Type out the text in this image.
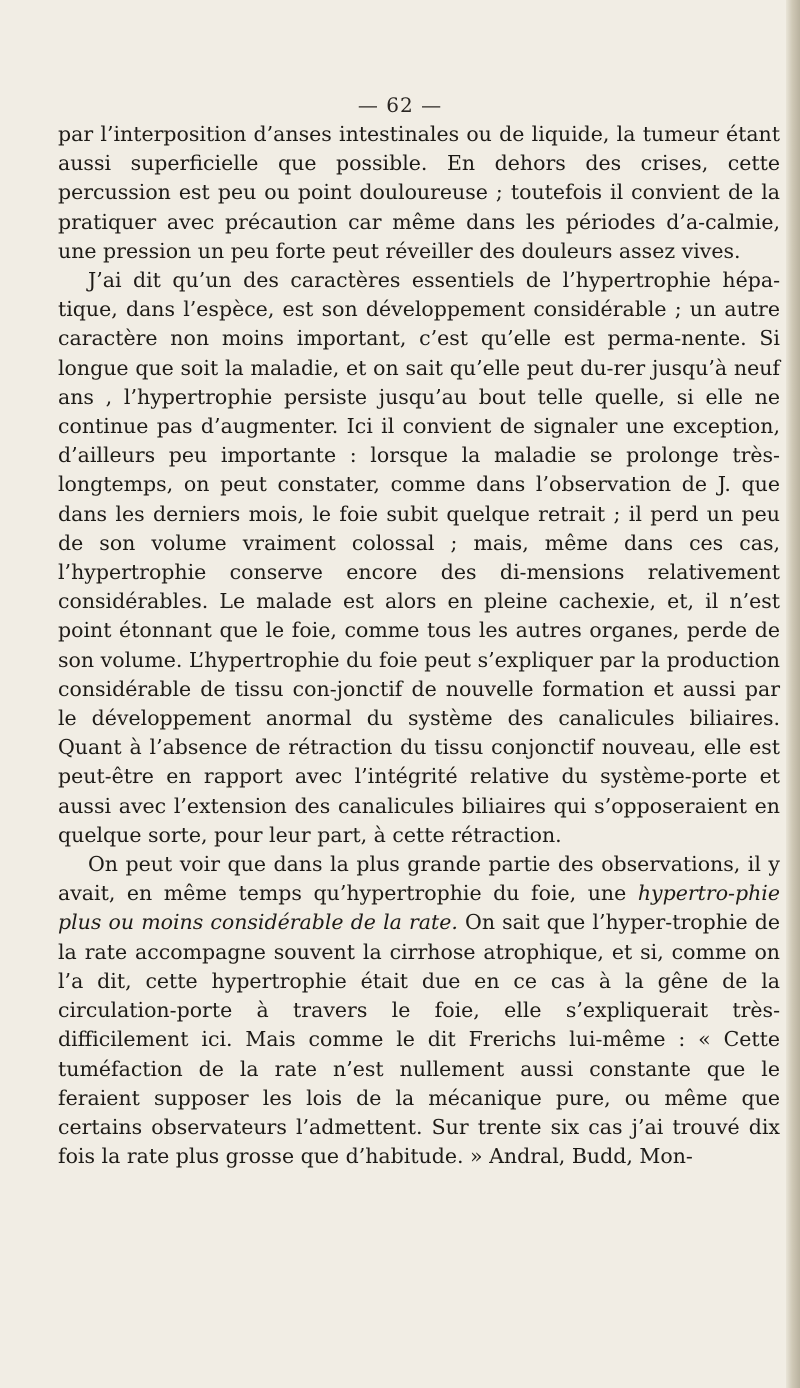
— 62 —

par l’interposition d’anses intestinales ou de liquide, la tumeur étant aussi superficielle que possible. En dehors des crises, cette percussion est peu ou point douloureuse ; toutefois il convient de la pratiquer avec précaution car même dans les périodes d’a-calmie, une pression un peu forte peut réveiller des douleurs assez vives.

J’ai dit qu’un des caractères essentiels de l’hypertrophie hépa-tique, dans l’espèce, est son développement considérable ; un autre caractère non moins important, c’est qu’elle est perma-nente. Si longue que soit la maladie, et on sait qu’elle peut du-rer jusqu’à neuf ans , l’hypertrophie persiste jusqu’au bout telle quelle, si elle ne continue pas d’augmenter. Ici il convient de signaler une exception, d’ailleurs peu importante : lorsque la maladie se prolonge très-longtemps, on peut constater, comme dans l’observation de J. que dans les derniers mois, le foie subit quelque retrait ; il perd un peu de son volume vraiment colossal ; mais, même dans ces cas, l’hypertrophie conserve encore des di-mensions relativement considérables. Le malade est alors en pleine cachexie, et, il n’est point étonnant que le foie, comme tous les autres organes, perde de son volume. L’hypertrophie du foie peut s’expliquer par la production considérable de tissu con-jonctif de nouvelle formation et aussi par le développement anormal du système des canalicules biliaires. Quant à l’absence de rétraction du tissu conjonctif nouveau, elle est peut-être en rapport avec l’intégrité relative du système-porte et aussi avec l’extension des canalicules biliaires qui s’opposeraient en quelque sorte, pour leur part, à cette rétraction.

On peut voir que dans la plus grande partie des observations, il y avait, en même temps qu’hypertrophie du foie, une hypertro-phie plus ou moins considérable de la rate. On sait que l’hyper-trophie de la rate accompagne souvent la cirrhose atrophique, et si, comme on l’a dit, cette hypertrophie était due en ce cas à la gêne de la circulation-porte à travers le foie, elle s’expliquerait très-difficilement ici. Mais comme le dit Frerichs lui-même : « Cette tuméfaction de la rate n’est nullement aussi constante que le feraient supposer les lois de la mécanique pure, ou même que certains observateurs l’admettent. Sur trente six cas j’ai trouvé dix fois la rate plus grosse que d’habitude. » Andral, Budd, Mon-
